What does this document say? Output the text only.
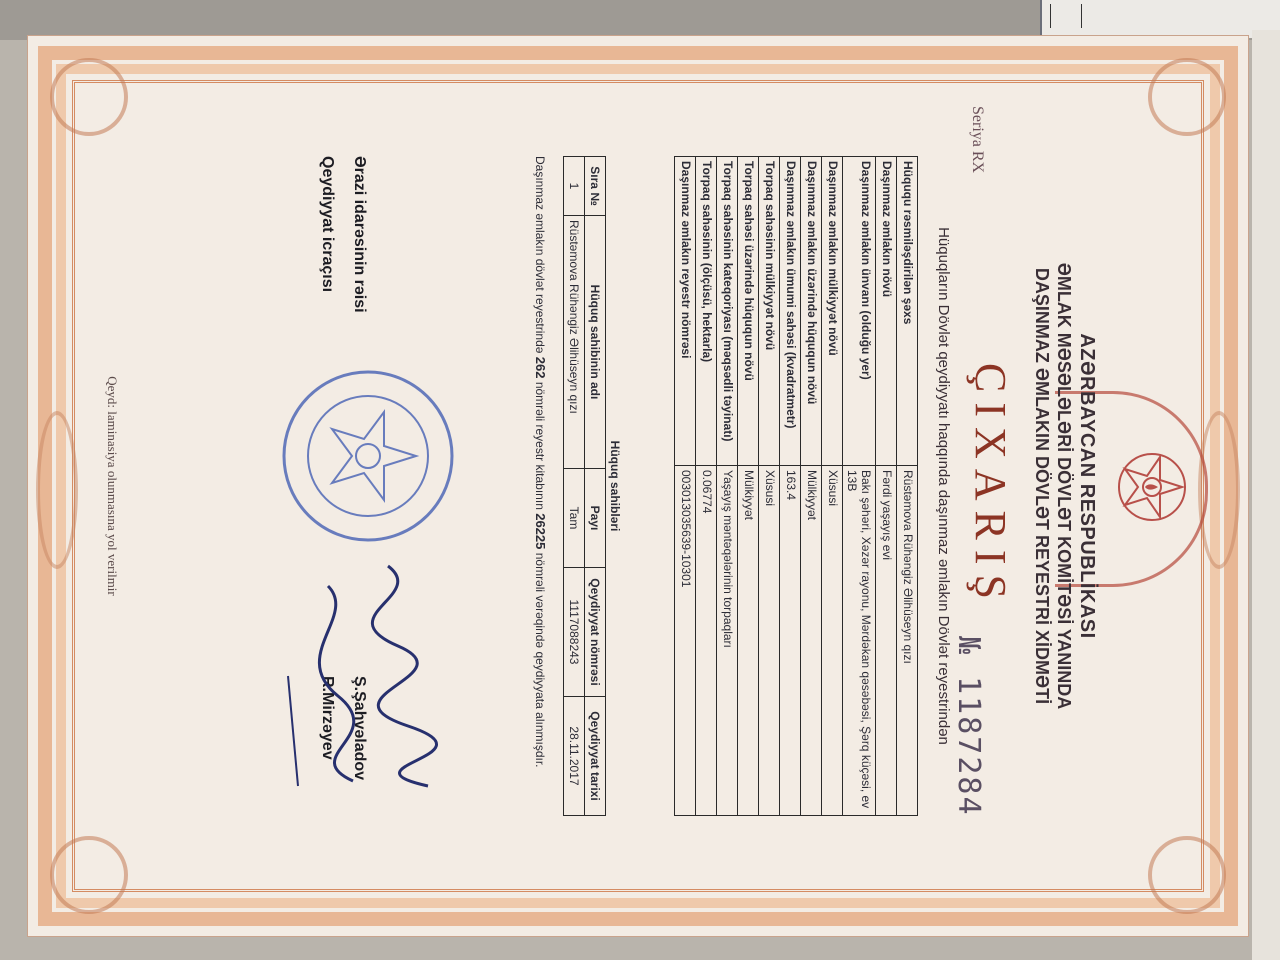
AZƏRBAYCAN RESPUBLİKASI
ƏMLAK MƏSƏLƏLƏRİ DÖVLƏT KOMİTƏSİ YANINDA
DAŞINMAZ ƏMLAKIN DÖVLƏT REYESTRİ XİDMƏTİ
ÇIXARIŞ
Seriya RX
№ 1187284
Hüquqların Dövlət qeydiyyatı haqqında daşınmaz əmlakın Dövlət reyestrindən
Hüququ rəsmiləşdirilən şəxs	Rüstəmova Rühəngiz Əlihüseyn qızı
Daşınmaz əmlakın növü	Fərdi yaşayış evi
Daşınmaz əmlakın ünvanı (olduğu yer)	Bakı şəhəri, Xəzər rayonu, Mərdəkan qəsəbəsi, Şərq küçəsi, ev 13B
Daşınmaz əmlakın mülkiyyət növü	Xüsusi
Daşınmaz əmlakın üzərində hüququn növü	Mülkiyyət
Daşınmaz əmlakın ümumi sahəsi (kvadratmetr)	163.4
Torpaq sahəsinin mülkiyyət növü	Xüsusi
Torpaq sahəsi üzərində hüququn növü	Mülkiyyət
Torpaq sahəsinin kateqoriyası (məqsədli təyinatı)	Yaşayış məntəqələrinin torpaqları
Torpaq sahəsinin (ölçüsü, hektarla)	0.06774
Daşınmaz əmlakın reyestr nömrəsi	003013035639-10301
Hüquq sahibləri
Sıra №	Hüquq sahibinin adı	Payı	Qeydiyyat nömrəsi	Qeydiyyat tarixi
1	Rüstəmova Rühəngiz Əlihüseyn qızı	Tam	1117088243	28.11.2017
Daşınmaz əmlakın dövlət reyestrində 262 nömrəli reyestr kitabının 26225 nömrəli vərəqində qeydiyyata alınmışdır.
Ərazi idarəsinin rəisi
Qeydiyyat icraçısı
Ş.Şahvəladov
R.Mirzəyev
Qeyd: laminasiya olunmasına yol verilmir
